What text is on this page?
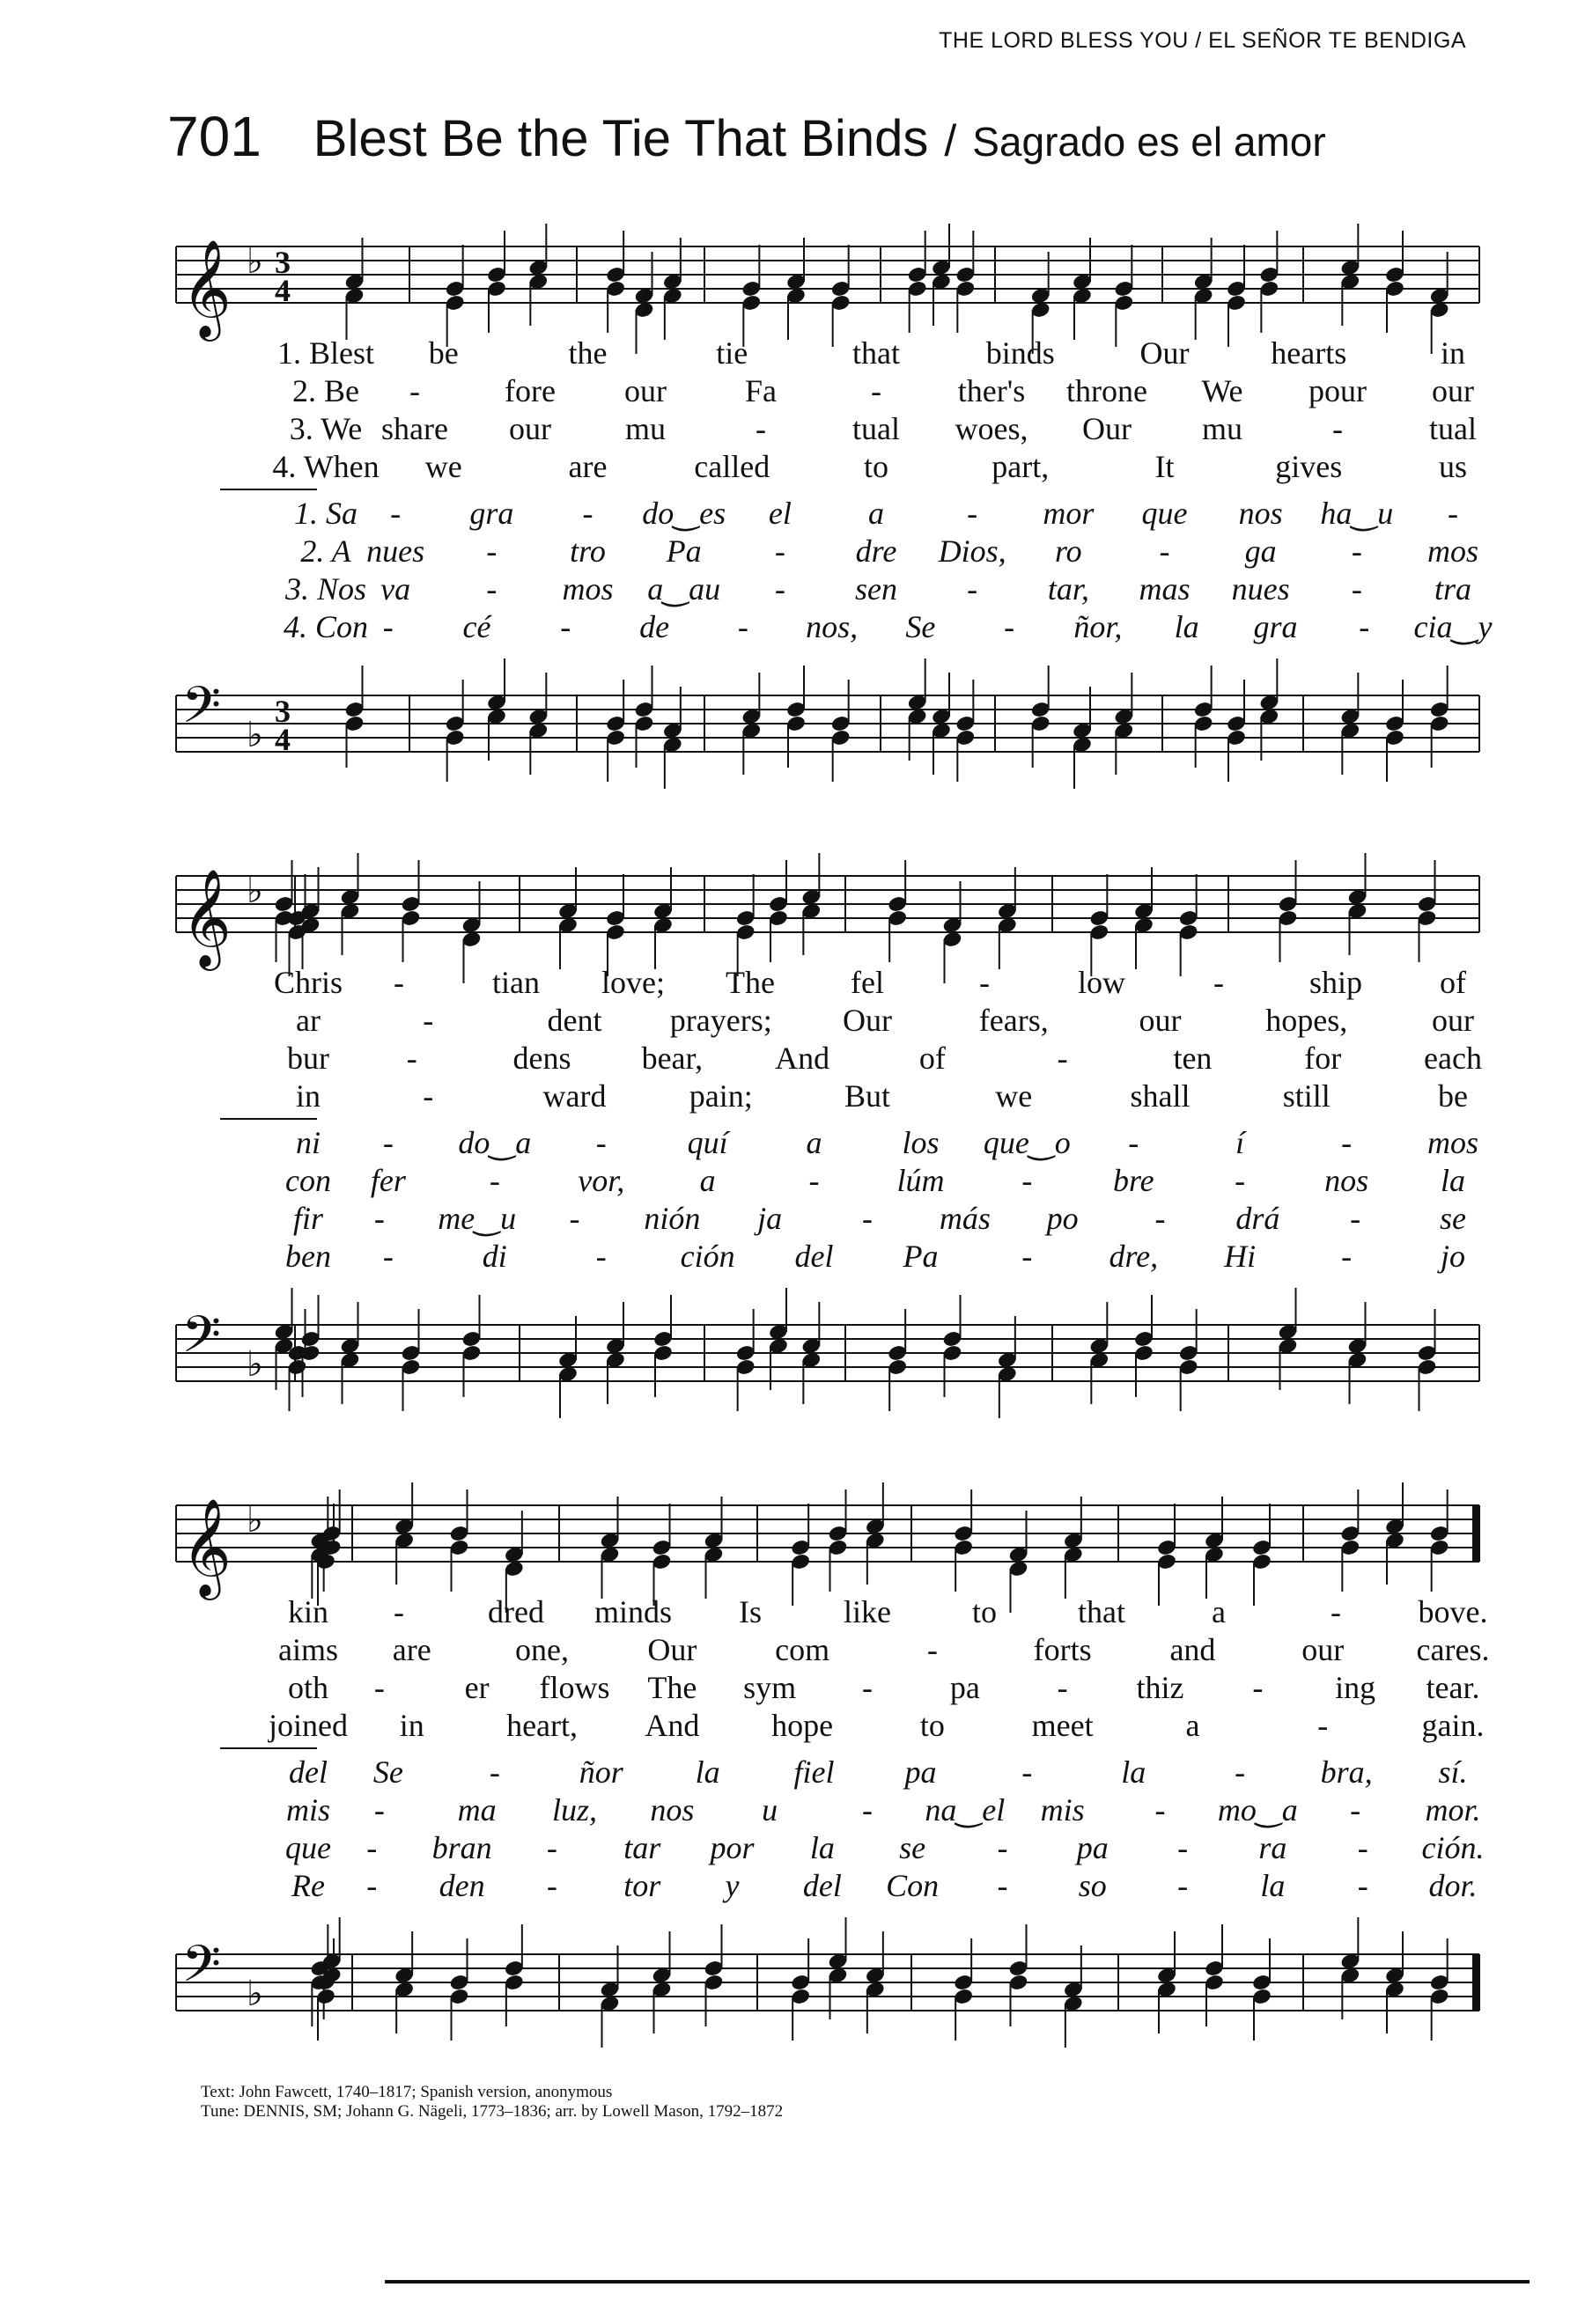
THE LORD BLESS YOU / EL SEÑOR TE BENDIGA
701 Blest Be the Tie That Binds / Sagrado es el amor
𝄞 ♭ 3
4
1. Blest be	the	tie	that	binds	Our	hearts	in
2. Be -	fore our Fa	- ther's throne We pour our
3. We share our mu	-	tual woes, Our mu	-	tual
4. When we	are	called	to	part,	It	gives	us
1. Sa - gra - do‿es el a	- mor que nos ha‿u -
2. A nues - tro Pa - dre Dios, ro - ga - mos
3. Nos va - mos a‿au - sen - tar, mas nues - tra
4. Con - cé - de - nos, Se - ñor, la gra - cia‿y
𝄢 ♭
3
4
𝄞 ♭
Chris -	tian love; The fel	-	low	-	ship of
ar	-	dent prayers; Our	fears,	our	hopes,	our
bur -	dens bear, And	of	-	ten	for	each
in	-	ward	pain;	But	we	shall	still	be
ni - do‿a -	quí a	los que‿o -	í	- mos
con fer	- vor, a	- lúm -	bre	- nos la
fir - me‿u - nión ja	- más po - drá - se
ben -	di	- ción del Pa	- dre, Hi	-	jo
𝄢 ♭
𝄞 ♭
kin -	dred minds Is	like	to	that	a	- bove.
aims are	one, Our com	-	forts and	our cares.
oth -	er flows The sym - pa - thiz - ing tear.
joined in	heart, And hope	to	meet	a	-	gain.
del Se	- ñor la fiel pa	-	la	- bra, sí.
mis - ma luz, nos u	- na‿el mis - mo‿a - mor.
que - bran - tar por la se - pa - ra - ción.
Re - den - tor y del Con - so - la - dor.
𝄢 ♭
Text: John Fawcett, 1740–1817; Spanish version, anonymous
Tune: DENNIS, SM; Johann G. Nägeli, 1773–1836; arr. by Lowell Mason, 1792–1872
